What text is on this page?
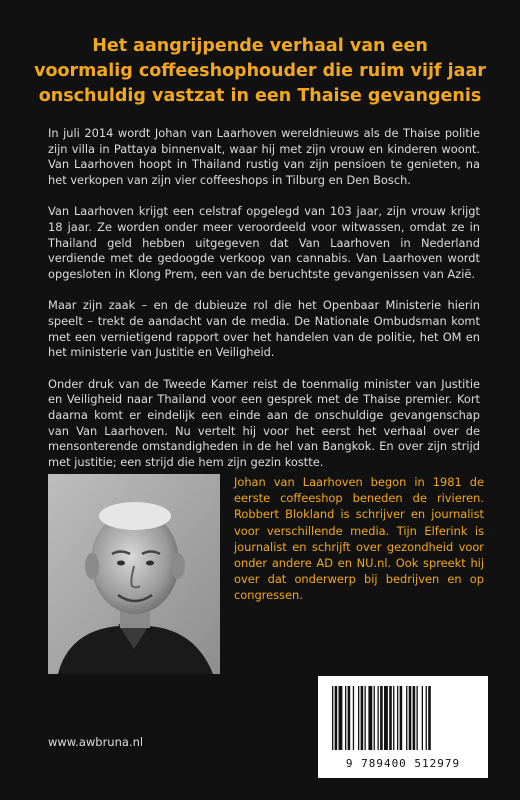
Het aangrijpende verhaal van een
voormalig coffeeshophouder die ruim vijf jaar
onschuldig vastzat in een Thaise gevangenis

In juli 2014 wordt Johan van Laarhoven wereldnieuws als de Thaise politie zijn villa in Pattaya binnenvalt, waar hij met zijn vrouw en kinderen woont. Van Laarhoven hoopt in Thailand rustig van zijn pensioen te genieten, na het verkopen van zijn vier coffeeshops in Tilburg en Den Bosch.

Van Laarhoven krijgt een celstraf opgelegd van 103 jaar, zijn vrouw krijgt 18 jaar. Ze worden onder meer veroordeeld voor witwassen, omdat ze in Thailand geld hebben uitgegeven dat Van Laarhoven in Nederland verdiende met de gedoogde verkoop van cannabis. Van Laarhoven wordt opgesloten in Klong Prem, een van de beruchtste gevangenissen van Azië.

Maar zijn zaak – en de dubieuze rol die het Openbaar Ministerie hierin speelt – trekt de aandacht van de media. De Nationale Ombudsman komt met een vernietigend rapport over het handelen van de politie, het OM en het ministerie van Justitie en Veiligheid.

Onder druk van de Tweede Kamer reist de toenmalig minister van Justitie en Veiligheid naar Thailand voor een gesprek met de Thaise premier. Kort daarna komt er eindelijk een einde aan de onschuldige gevangenschap van Van Laarhoven. Nu vertelt hij voor het eerst het verhaal over de mensonterende omstandigheden in de hel van Bangkok. En over zijn strijd met justitie; een strijd die hem zijn gezin kostte.

Johan van Laarhoven begon in 1981 de eerste coffeeshop beneden de rivieren. Robbert Blokland is schrijver en journalist voor verschillende media. Tijn Elferink is journalist en schrijft over gezondheid voor onder andere AD en NU.nl. Ook spreekt hij over dat onderwerp bij bedrijven en op congressen.
9 789400 512979
www.awbruna.nl
